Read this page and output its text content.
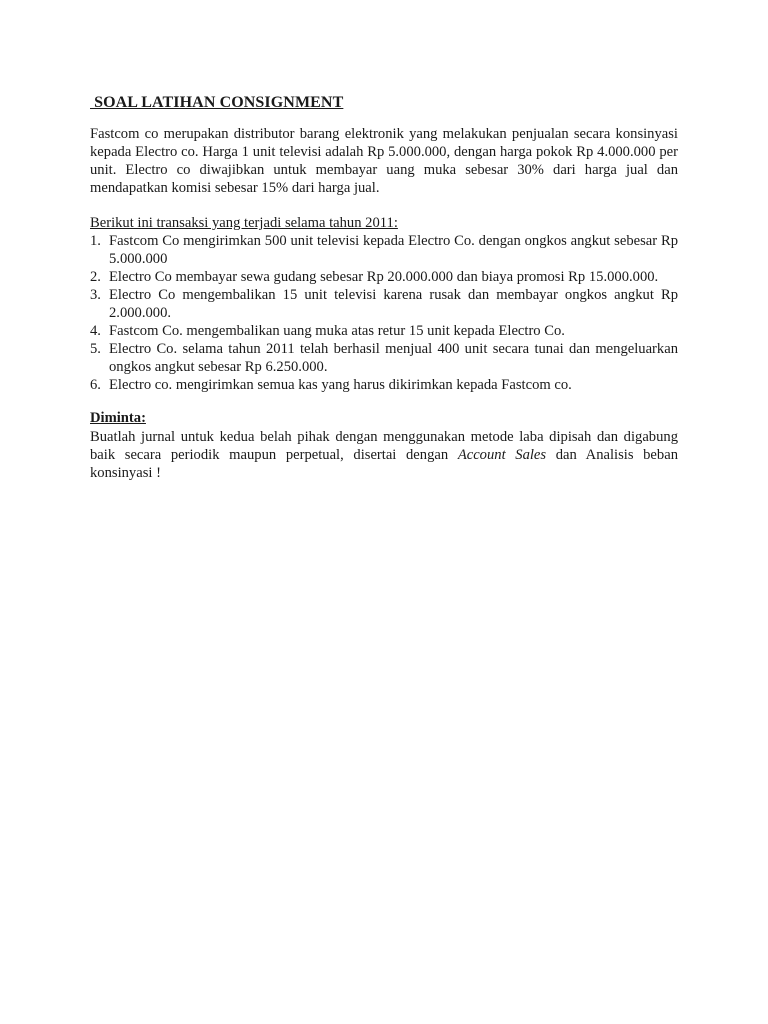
SOAL LATIHAN CONSIGNMENT

Fastcom co merupakan distributor barang elektronik yang melakukan penjualan secara konsinyasi kepada Electro co. Harga 1 unit televisi adalah Rp 5.000.000, dengan harga pokok Rp 4.000.000 per unit. Electro co diwajibkan untuk membayar uang muka sebesar 30% dari harga jual dan mendapatkan komisi sebesar 15% dari harga jual.

Berikut ini transaksi yang terjadi selama tahun 2011:
1. Fastcom Co mengirimkan 500 unit televisi kepada Electro Co. dengan ongkos angkut sebesar Rp 5.000.000
2. Electro Co membayar sewa gudang sebesar Rp 20.000.000 dan biaya promosi Rp 15.000.000.
3. Electro Co mengembalikan 15 unit televisi karena rusak dan membayar ongkos angkut Rp 2.000.000.
4. Fastcom Co. mengembalikan uang muka atas retur 15 unit kepada Electro Co.
5. Electro Co. selama tahun 2011 telah berhasil menjual 400 unit secara tunai dan mengeluarkan ongkos angkut sebesar Rp 6.250.000.
6. Electro co. mengirimkan semua kas yang harus dikirimkan kepada Fastcom co.
Diminta:

Buatlah jurnal untuk kedua belah pihak dengan menggunakan metode laba dipisah dan digabung baik secara periodik maupun perpetual, disertai dengan Account Sales dan Analisis beban konsinyasi !
